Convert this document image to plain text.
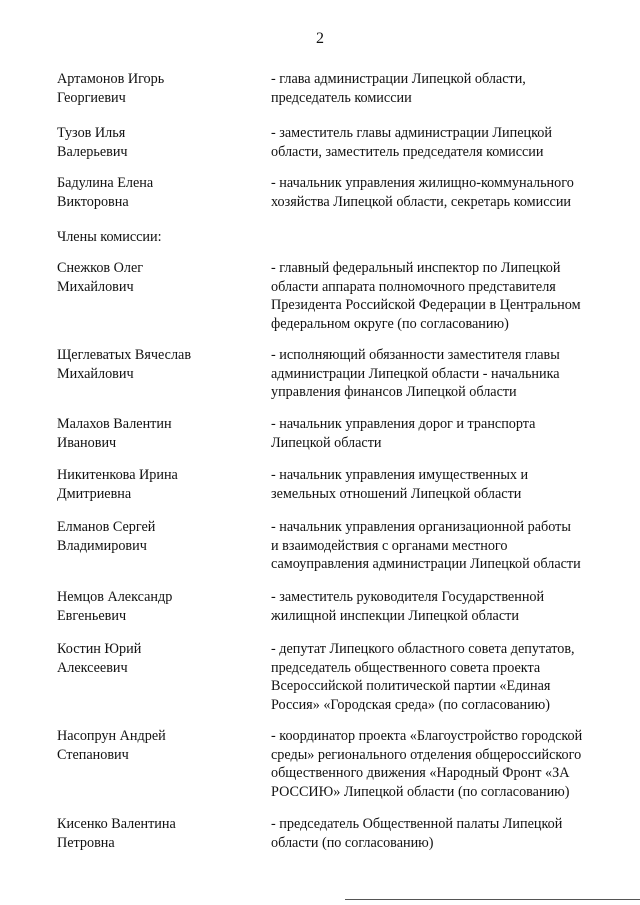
2
Артамонов Игорь
Георгиевич
- глава администрации Липецкой области,
председатель комиссии
Тузов Илья
Валерьевич
- заместитель главы администрации Липецкой
области, заместитель председателя комиссии
Бадулина Елена
Викторовна
- начальник управления жилищно-коммунального
хозяйства Липецкой области, секретарь комиссии
Члены комиссии:
Снежков Олег
Михайлович
- главный федеральный инспектор по Липецкой
области аппарата полномочного представителя
Президента Российской Федерации в Центральном
федеральном округе (по согласованию)
Щеглеватых Вячеслав
Михайлович
- исполняющий обязанности заместителя главы
администрации Липецкой области - начальника
управления финансов Липецкой области
Малахов Валентин
Иванович
- начальник управления дорог и транспорта
Липецкой области
Никитенкова Ирина
Дмитриевна
- начальник управления имущественных и
земельных отношений Липецкой области
Елманов Сергей
Владимирович
- начальник управления организационной работы
и взаимодействия с органами местного
самоуправления администрации Липецкой области
Немцов Александр
Евгеньевич
- заместитель руководителя Государственной
жилищной инспекции Липецкой области
Костин Юрий
Алексеевич
- депутат Липецкого областного совета депутатов,
председатель общественного совета проекта
Всероссийской политической партии «Единая
Россия» «Городская среда» (по согласованию)
Насопрун Андрей
Степанович
- координатор проекта «Благоустройство городской
среды» регионального отделения общероссийского
общественного движения «Народный Фронт «ЗА
РОССИЮ» Липецкой области (по согласованию)
Кисенко Валентина
Петровна
- председатель Общественной палаты Липецкой
области (по согласованию)
